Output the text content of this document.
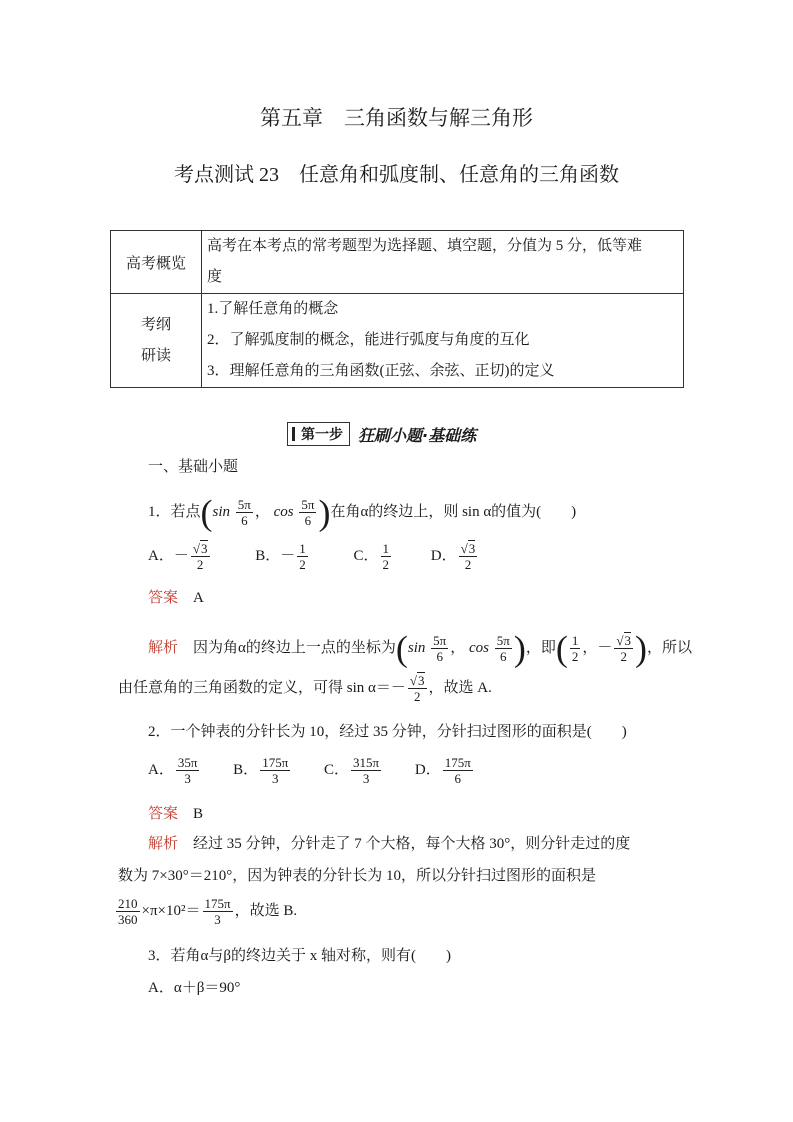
第五章　三角函数与解三角形
考点测试 23　任意角和弧度制、任意角的三角函数
高考概览	高考在本考点的常考题型为选择题、填空题，分值为 5 分，低等难
度

考纲
研读	1.了解任意角的概念
2．了解弧度制的概念，能进行弧度与角度的互化
3．理解任意角的三角函数(正弦、余弦、正切)的定义
第一步 狂刷小题·基础练
一、基础小题
1．若点($\sin \frac{5\pi}{6}$ ， $\cos \frac{5\pi}{6}$ )在角α的终边上，则 sin α的值为(　　)
A．－ $\frac{√3}{2}$	B．－ $\frac{1}{2}$	C． $\frac{1}{2}$	D． $\frac{√3}{2}$
答案　 A
解析　 因为角α的终边上一点的坐标为($\sin \frac{5\pi}{6}$ ， $\cos \frac{5\pi}{6}$ )，即( $\frac{1}{2}$ ，－ $\frac{√3}{2}$ )，所以
由任意角的三角函数的定义，可得 $\sin \alpha=- \frac{√3}{2}$ ，故选 A.
2．一个钟表的分针长为 10，经过 35 分钟，分针扫过图形的面积是(　　)
A． $\frac{35\pi}{3}$ B． $\frac{175\pi}{3}$ C． $\frac{315\pi}{3}$ D． $\frac{175\pi}{6}$
答案　 B
解析　 经过 35 分钟，分针走了 7 个大格，每个大格 30°，则分针走过的度
数为 7×30°＝210°，因为钟表的分针长为 10，所以分针扫过图形的面积是
$\frac{210}{360} \times\pi\times 10^2= \frac{175\pi}{3}$ ，故选 B.
3．若角α与β的终边关于 x 轴对称，则有(　　)
A．α＋β＝90°
